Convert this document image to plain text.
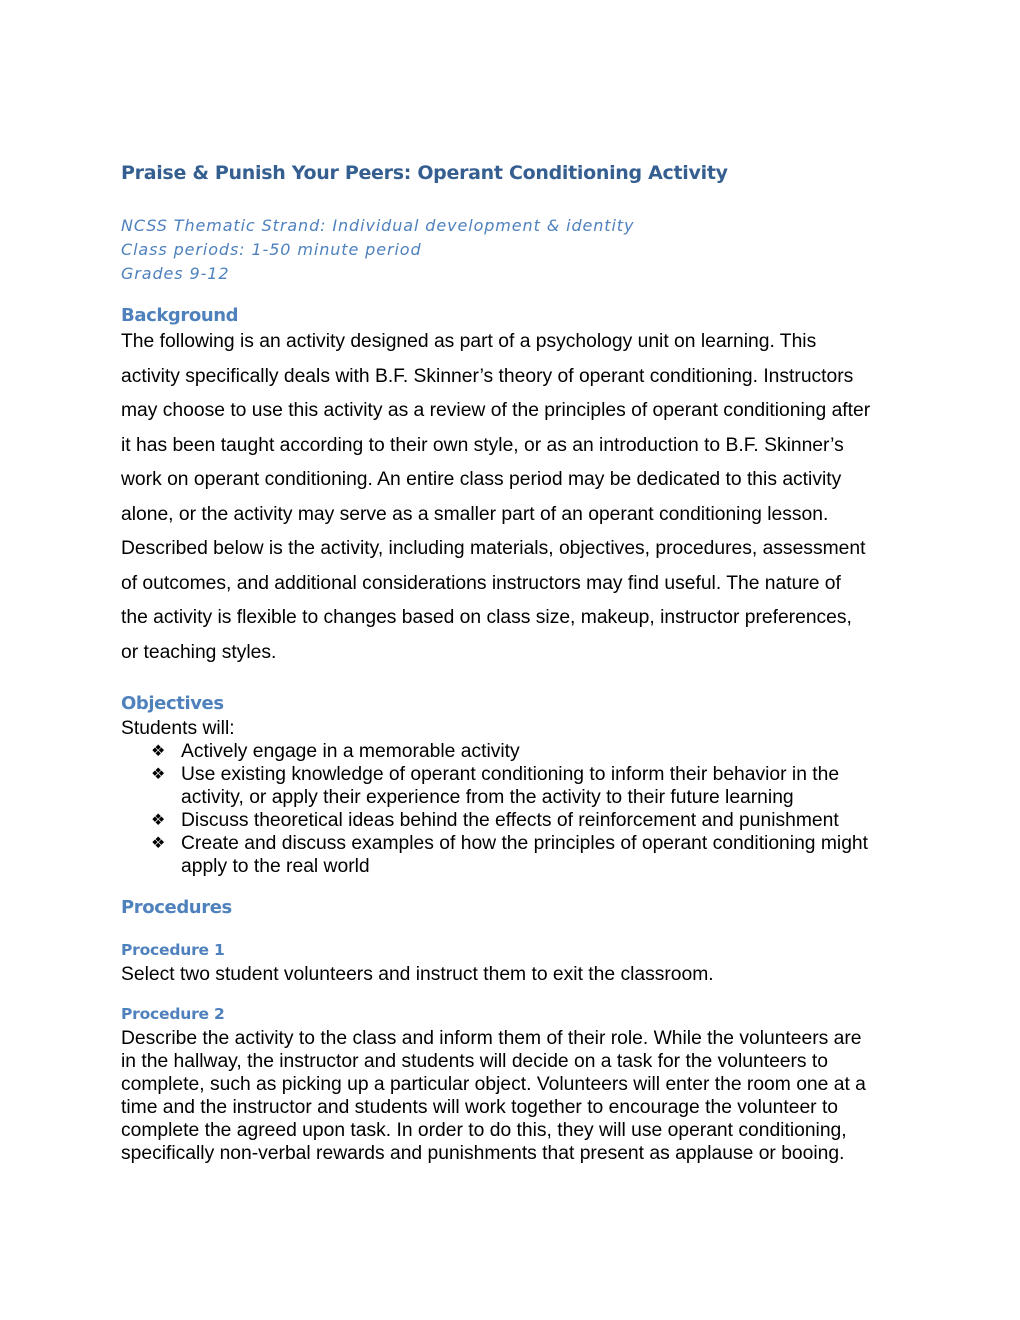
Praise & Punish Your Peers: Operant Conditioning Activity
NCSS Thematic Strand: Individual development & identity
Class periods: 1-50 minute period
Grades 9-12
Background
The following is an activity designed as part of a psychology unit on learning. This
activity specifically deals with B.F. Skinner’s theory of operant conditioning. Instructors
may choose to use this activity as a review of the principles of operant conditioning after
it has been taught according to their own style, or as an introduction to B.F. Skinner’s
work on operant conditioning. An entire class period may be dedicated to this activity
alone, or the activity may serve as a smaller part of an operant conditioning lesson.
Described below is the activity, including materials, objectives, procedures, assessment
of outcomes, and additional considerations instructors may find useful. The nature of
the activity is flexible to changes based on class size, makeup, instructor preferences,
or teaching styles.
Objectives
Students will:
❖ Actively engage in a memorable activity
❖ Use existing knowledge of operant conditioning to inform their behavior in the
activity, or apply their experience from the activity to their future learning
❖ Discuss theoretical ideas behind the effects of reinforcement and punishment
❖ Create and discuss examples of how the principles of operant conditioning might
apply to the real world
Procedures
Procedure 1
Select two student volunteers and instruct them to exit the classroom.
Procedure 2
Describe the activity to the class and inform them of their role. While the volunteers are
in the hallway, the instructor and students will decide on a task for the volunteers to
complete, such as picking up a particular object. Volunteers will enter the room one at a
time and the instructor and students will work together to encourage the volunteer to
complete the agreed upon task. In order to do this, they will use operant conditioning,
specifically non-verbal rewards and punishments that present as applause or booing.
